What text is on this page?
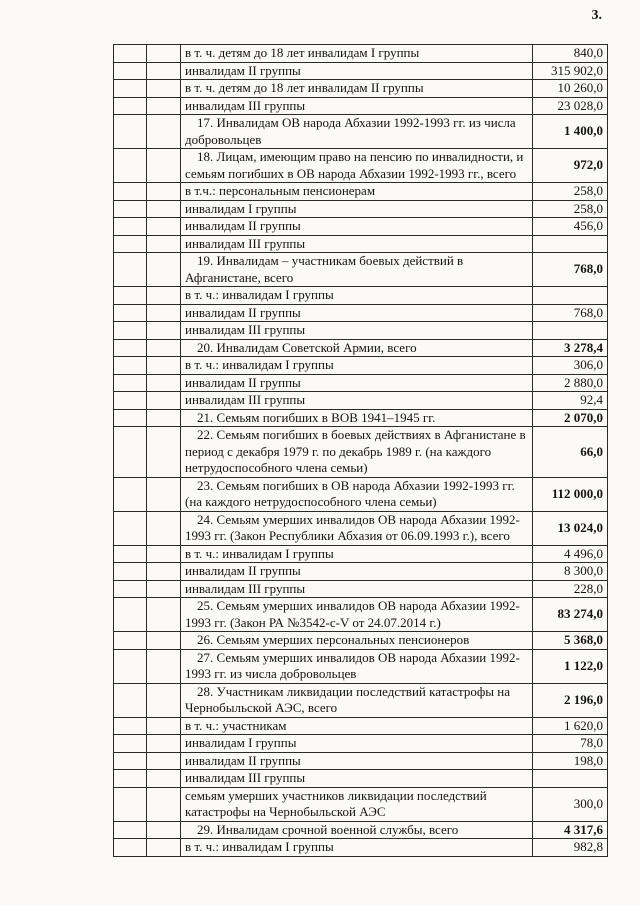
3.
		в т. ч. детям до 18 лет инвалидам I группы	840,0
		инвалидам II группы	315 902,0
		в т. ч. детям до 18 лет инвалидам II группы	10 260,0
		инвалидам III группы	23 028,0
		17. Инвалидам ОВ народа Абхазии 1992-1993 гг. из числа добровольцев	1 400,0
		18. Лицам, имеющим право на пенсию по инвалидности, и семьям погибших в ОВ народа Абхазии 1992-1993 гг., всего	972,0
		в т.ч.: персональным пенсионерам	258,0
		инвалидам I группы	258,0
		инвалидам II группы	456,0
		инвалидам III группы	
		19. Инвалидам – участникам боевых действий в Афганистане, всего	768,0
		в т. ч.: инвалидам I группы	
		инвалидам II группы	768,0
		инвалидам III группы	
		20. Инвалидам Советской Армии, всего	3 278,4
		в т. ч.: инвалидам I группы	306,0
		инвалидам II группы	2 880,0
		инвалидам III группы	92,4
		21. Семьям погибших в ВОВ 1941–1945 гг.	2 070,0
		22. Семьям погибших в боевых действиях в Афганистане в период с декабря 1979 г. по декабрь 1989 г. (на каждого нетрудоспособного члена семьи)	66,0
		23. Семьям погибших в ОВ народа Абхазии 1992-1993 гг. (на каждого нетрудоспособного члена семьи)	112 000,0
		24. Семьям умерших инвалидов ОВ народа Абхазии 1992-1993 гг. (Закон Республики Абхазия от 06.09.1993 г.), всего	13 024,0
		в т. ч.: инвалидам I группы	4 496,0
		инвалидам II группы	8 300,0
		инвалидам III группы	228,0
		25. Семьям умерших инвалидов ОВ народа Абхазии 1992-1993 гг. (Закон РА №3542-с-V от 24.07.2014 г.)	83 274,0
		26. Семьям умерших персональных пенсионеров	5 368,0
		27. Семьям умерших инвалидов ОВ народа Абхазии 1992-1993 гг. из числа добровольцев	1 122,0
		28. Участникам ликвидации последствий катастрофы на Чернобыльской АЭС, всего	2 196,0
		в т. ч.: участникам	1 620,0
		инвалидам I группы	78,0
		инвалидам II группы	198,0
		инвалидам III группы	
		семьям умерших участников ликвидации последствий катастрофы на Чернобыльской АЭС	300,0
		29. Инвалидам срочной военной службы, всего	4 317,6
		в т. ч.: инвалидам I группы	982,8
